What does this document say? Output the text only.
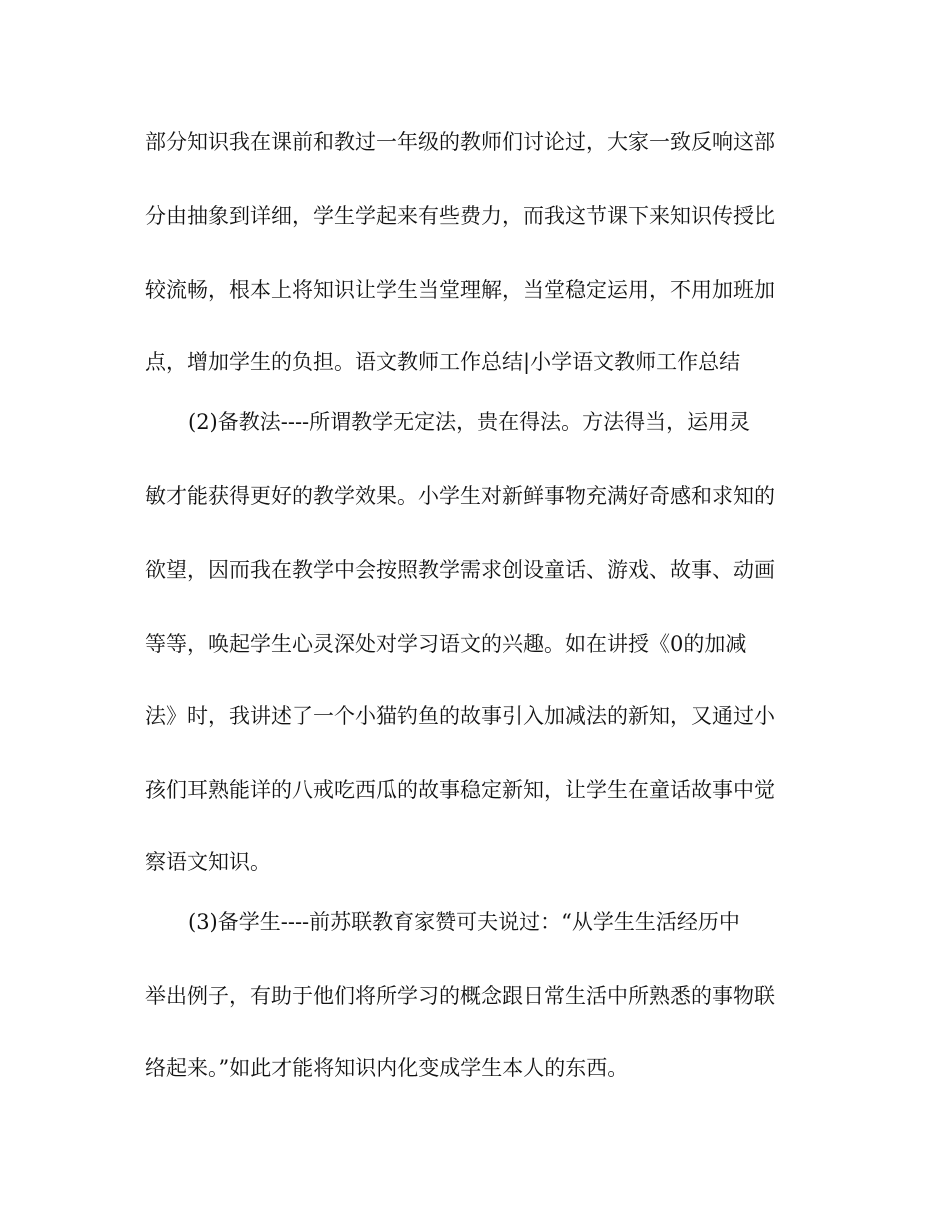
部分知识我在课前和教过一年级的教师们讨论过，大家一致反响这部
分由抽象到详细，学生学起来有些费力，而我这节课下来知识传授比
较流畅，根本上将知识让学生当堂理解，当堂稳定运用，不用加班加
点，增加学生的负担。语文教师工作总结|小学语文教师工作总结
(2)备教法----所谓教学无定法，贵在得法。方法得当，运用灵
敏才能获得更好的教学效果。小学生对新鲜事物充满好奇感和求知的
欲望，因而我在教学中会按照教学需求创设童话、游戏、故事、动画
等等，唤起学生心灵深处对学习语文的兴趣。如在讲授《0的加减
法》时，我讲述了一个小猫钓鱼的故事引入加减法的新知，又通过小
孩们耳熟能详的八戒吃西瓜的故事稳定新知，让学生在童话故事中觉
察语文知识。
(3)备学生----前苏联教育家赞可夫说过：“从学生生活经历中
举出例子，有助于他们将所学习的概念跟日常生活中所熟悉的事物联
络起来。”如此才能将知识内化变成学生本人的东西。
